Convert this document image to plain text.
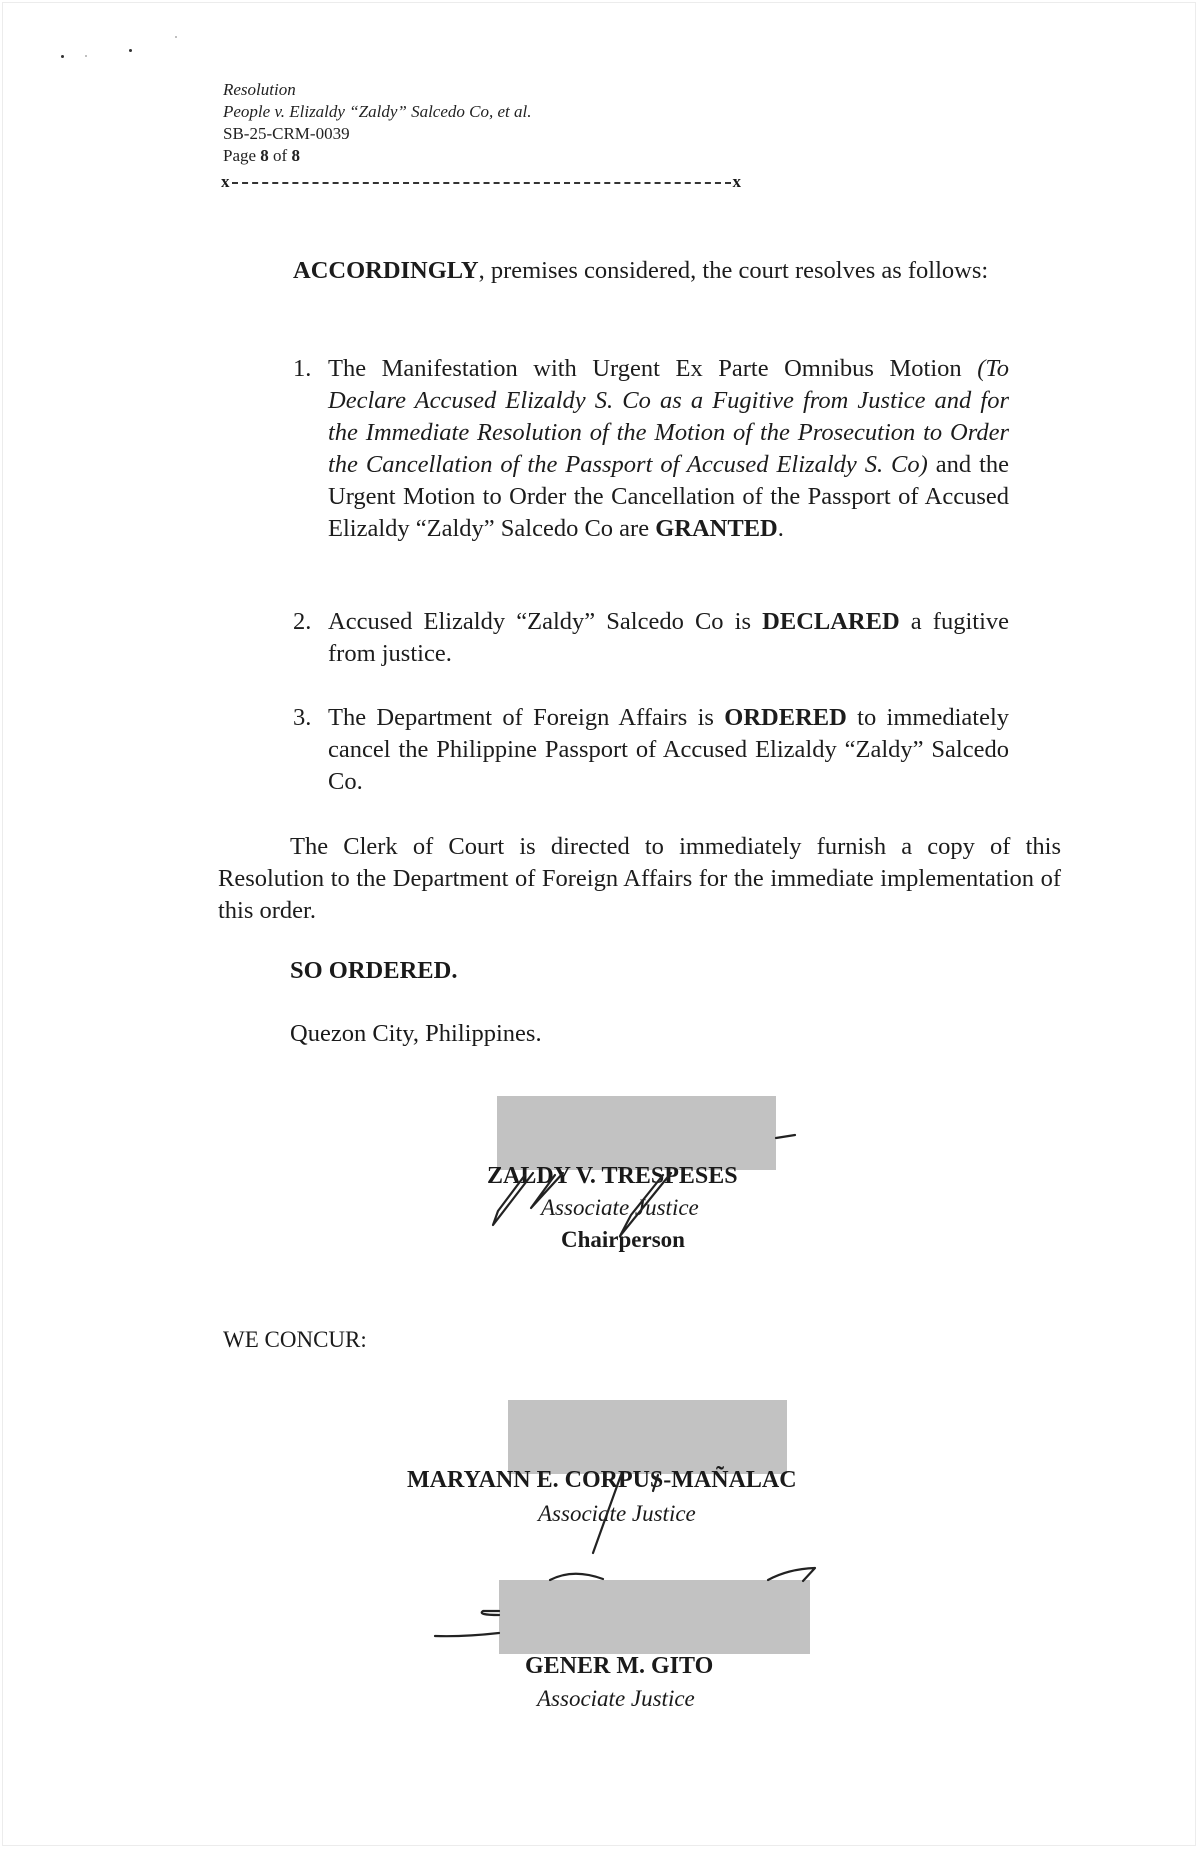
Resolution
People v. Elizaldy “Zaldy” Salcedo Co, et al.
SB-25-CRM-0039
Page 8 of 8
x	x
ACCORDINGLY, premises considered, the court resolves as follows:
1. The Manifestation with Urgent Ex Parte Omnibus Motion (To Declare Accused Elizaldy S. Co as a Fugitive from Justice and for the Immediate Resolution of the Motion of the Prosecution to Order the Cancellation of the Passport of Accused Elizaldy S. Co) and the Urgent Motion to Order the Cancellation of the Passport of Accused Elizaldy “Zaldy” Salcedo Co are GRANTED.
2. Accused Elizaldy “Zaldy” Salcedo Co is DECLARED a fugitive from justice.
3. The Department of Foreign Affairs is ORDERED to immediately cancel the Philippine Passport of Accused Elizaldy “Zaldy” Salcedo Co.
The Clerk of Court is directed to immediately furnish a copy of this Resolution to the Department of Foreign Affairs for the immediate implementation of this order.
SO ORDERED.
Quezon City, Philippines.
ZALDY V. TRESPESES
Associate Justice
Chairperson
WE CONCUR:
MARYANN E. CORPUS-MAÑALAC
Associate Justice
GENER M. GITO
Associate Justice
